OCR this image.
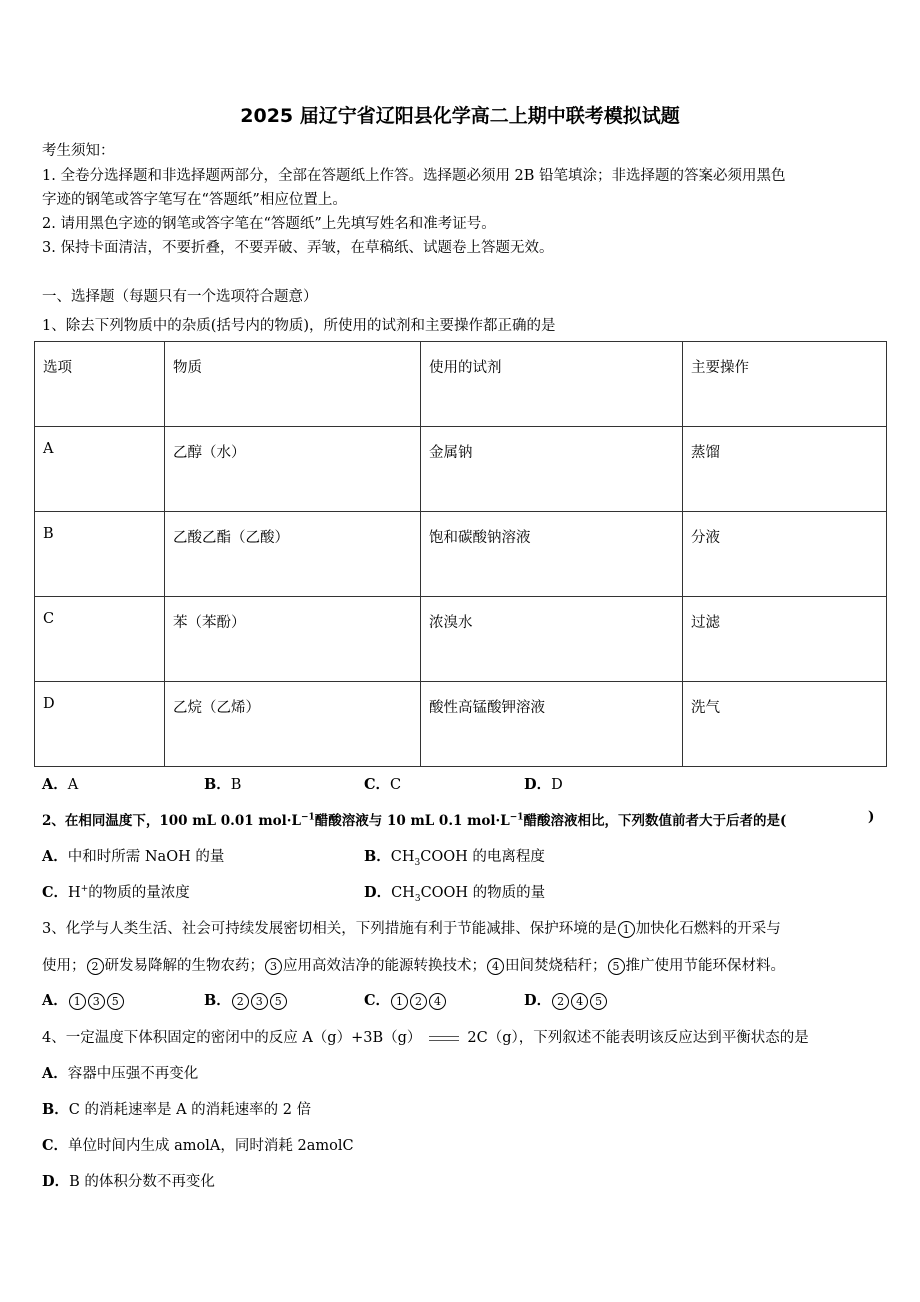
2025 届辽宁省辽阳县化学高二上期中联考模拟试题
考生须知：
1. 全卷分选择题和非选择题两部分，全部在答题纸上作答。选择题必须用 2B 铅笔填涂；非选择题的答案必须用黑色
字迹的钢笔或答字笔写在“答题纸”相应位置上。
2. 请用黑色字迹的钢笔或答字笔在“答题纸”上先填写姓名和准考证号。
3. 保持卡面清洁，不要折叠，不要弄破、弄皱，在草稿纸、试题卷上答题无效。
一、选择题（每题只有一个选项符合题意）
1、除去下列物质中的杂质(括号内的物质)，所使用的试剂和主要操作都正确的是
选项	物质	使用的试剂	主要操作
A	乙醇（水）	金属钠	蒸馏
B	乙酸乙酯（乙酸）	饱和碳酸钠溶液	分液
C	苯（苯酚）	浓溴水	过滤
D	乙烷（乙烯）	酸性高锰酸钾溶液	洗气
A．A	B．B	C．C	D．D
2、在相同温度下，100 mL 0.01 $mol\cdot L^{-1}$醋酸溶液与 10 mL 0.1 $mol\cdot L^{-1}$醋酸溶液相比，下列数值前者大于后者的是(	)
A．中和时所需 NaOH 的量	B．$CH_3COOH$ 的电离程度
C．H+的物质的量浓度	D．$CH_3COOH$ 的物质的量
3、化学与人类生活、社会可持续发展密切相关，下列措施有利于节能减排、保护环境的是 1 加快化石燃料的开采与
使用； 2 研发易降解的生物农药； 3 应用高效洁净的能源转换技术； 4 田间焚烧秸秆； 5 推广使用节能环保材料。
A． 1 3 5	B． 2 3 5	C． 1 2 4	D． 2 4 5
4、一定温度下体积固定的密闭中的反应 A（g）+3B（g）	2C（g），下列叙述不能表明该反应达到平衡状态的是
A．容器中压强不再变化
B．C 的消耗速率是 A 的消耗速率的 2 倍
C．单位时间内生成 amolA，同时消耗 2amolC
D．B 的体积分数不再变化
